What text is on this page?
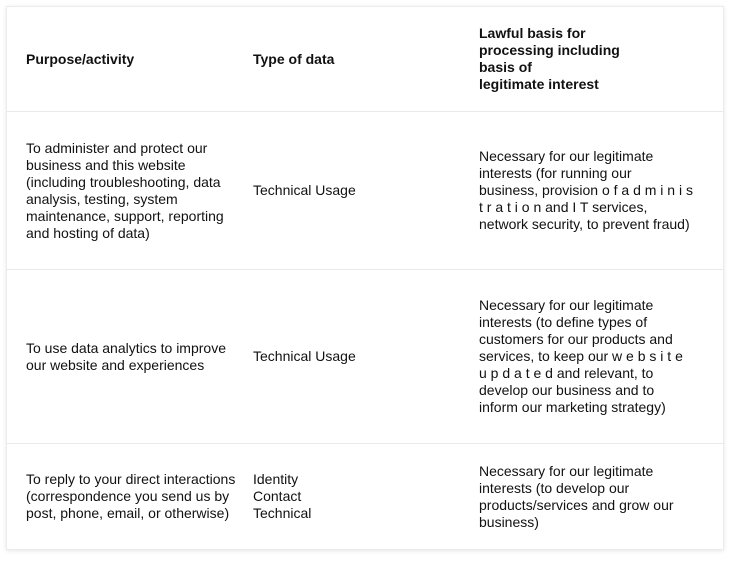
Purpose/activity	Type of data
Lawful basis for
processing including
basis of
legitimate interest
To administer and protect our business and this website (including troubleshooting, data analysis, testing, system maintenance, support, reporting and hosting of data)
Technical Usage
Necessary for our legitimate interests (for running our business, provision o f a d m i n i s t r a t i o n and I T services, network security, to prevent fraud)
To use data analytics to improve our website and experiences
Technical Usage
Necessary for our legitimate interests (to define types of customers for our products and services, to keep our w e b s i t e u p d a t e d and relevant, to develop our business and to inform our marketing strategy)
To reply to your direct interactions (correspondence you send us by post, phone, email, or otherwise)
Identity
Contact
Technical
Necessary for our legitimate interests (to develop our products/services and grow our business)
